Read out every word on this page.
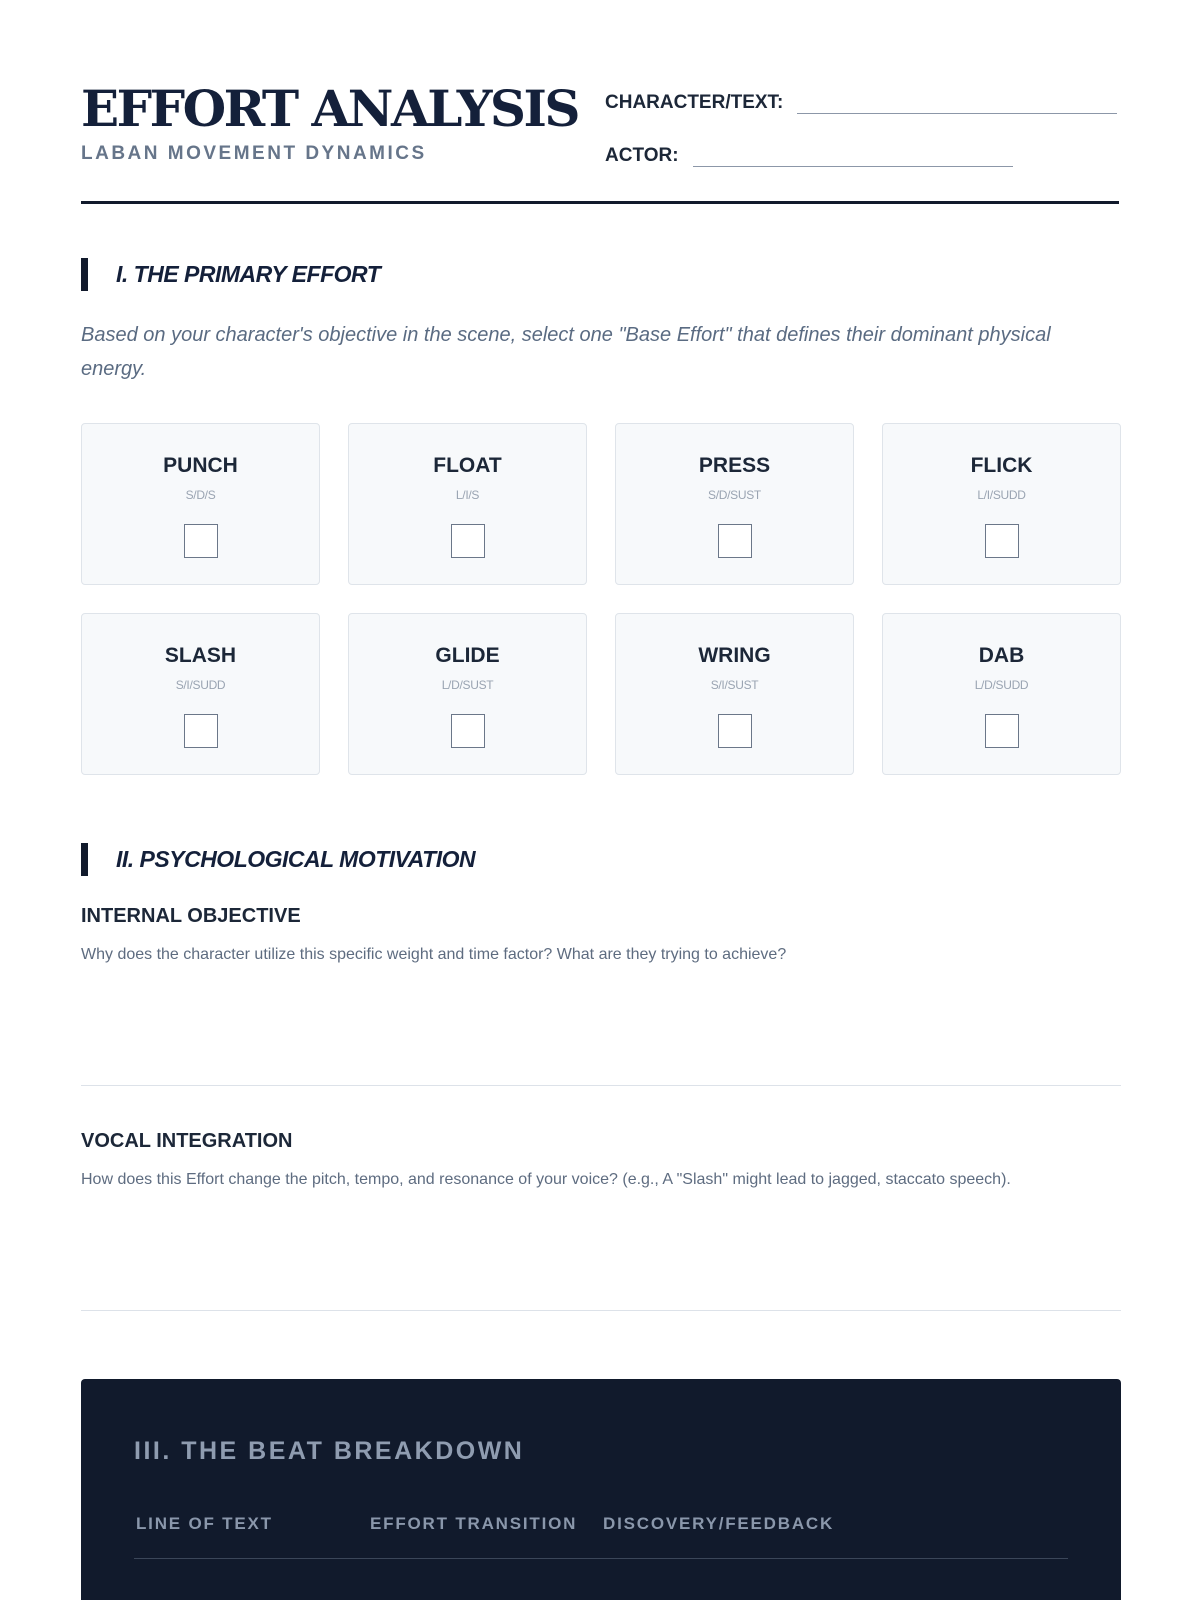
EFFORT ANALYSIS
LABAN MOVEMENT DYNAMICS
CHARACTER/TEXT:
ACTOR:
I. THE PRIMARY EFFORT
Based on your character's objective in the scene, select one "Base Effort" that defines their dominant physical energy.
PUNCH
S/D/S
FLOAT
L/I/S
PRESS
S/D/SUST
FLICK
L/I/SUDD
SLASH
S/I/SUDD
GLIDE
L/D/SUST
WRING
S/I/SUST
DAB
L/D/SUDD
II. PSYCHOLOGICAL MOTIVATION
INTERNAL OBJECTIVE
Why does the character utilize this specific weight and time factor? What are they trying to achieve?
VOCAL INTEGRATION
How does this Effort change the pitch, tempo, and resonance of your voice? (e.g., A "Slash" might lead to jagged, staccato speech).
III. THE BEAT BREAKDOWN
LINE OF TEXT	EFFORT TRANSITION DISCOVERY/FEEDBACK
